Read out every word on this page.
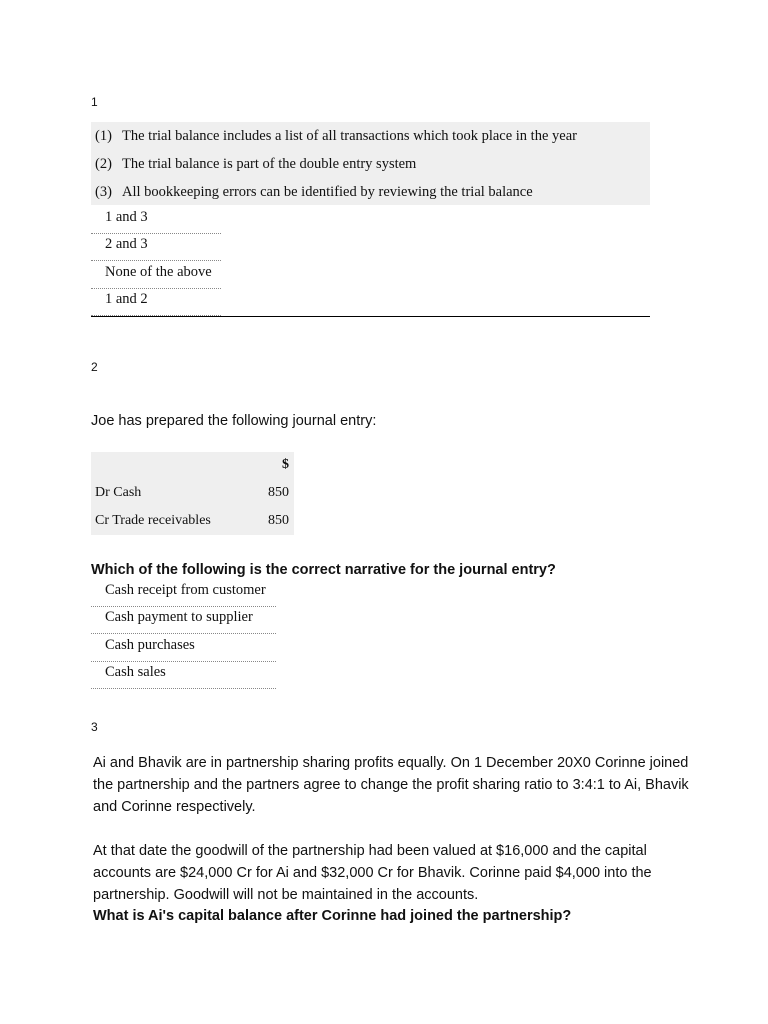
1
(1) The trial balance includes a list of all transactions which took place in the year
(2) The trial balance is part of the double entry system
(3) All bookkeeping errors can be identified by reviewing the trial balance
1 and 3
2 and 3
None of the above
1 and 2
2
Joe has prepared the following journal entry:
$
Dr Cash	850
Cr Trade receivables	850
Which of the following is the correct narrative for the journal entry?
Cash receipt from customer
Cash payment to supplier
Cash purchases
Cash sales
3
Ai and Bhavik are in partnership sharing profits equally. On 1 December 20X0 Corinne joined the partnership and the partners agree to change the profit sharing ratio to 3:4:1 to Ai, Bhavik and Corinne respectively.
At that date the goodwill of the partnership had been valued at $16,000 and the capital accounts are $24,000 Cr for Ai and $32,000 Cr for Bhavik. Corinne paid $4,000 into the partnership. Goodwill will not be maintained in the accounts.
What is Ai's capital balance after Corinne had joined the partnership?
